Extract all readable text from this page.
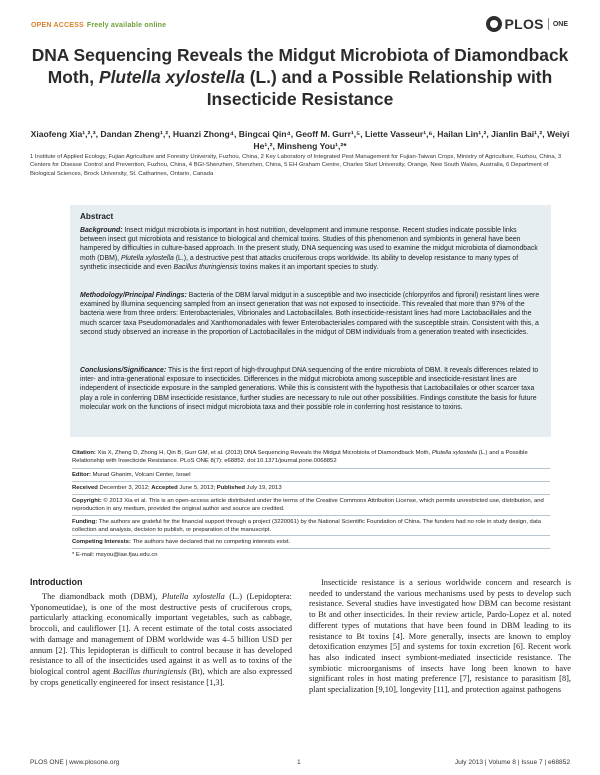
OPEN ACCESS Freely available online	PLOS ONE
DNA Sequencing Reveals the Midgut Microbiota of Diamondback Moth, Plutella xylostella (L.) and a Possible Relationship with Insecticide Resistance
Xiaofeng Xia¹,²,³, Dandan Zheng¹,², Huanzi Zhong⁴, Bingcai Qin⁴, Geoff M. Gurr¹,⁵, Liette Vasseur¹,⁶, Hailan Lin¹,², Jianlin Bai¹,², Weiyi He¹,², Minsheng You¹,²*
1 Institute of Applied Ecology, Fujian Agriculture and Forestry University, Fuzhou, China, 2 Key Laboratory of Integrated Pest Management for Fujian-Taiwan Crops, Ministry of Agriculture, Fuzhou, China, 3 Centers for Disease Control and Prevention, Fuzhou, China, 4 BGI-Shenzhen, Shenzhen, China, 5 EH Graham Centre, Charles Sturt University, Orange, New South Wales, Australia, 6 Department of Biological Sciences, Brock University, St. Catharines, Ontario, Canada
Abstract
Background: Insect midgut microbiota is important in host nutrition, development and immune response. Recent studies indicate possible links between insect gut microbiota and resistance to biological and chemical toxins. Studies of this phenomenon and symbionts in general have been hampered by difficulties in culture-based approach. In the present study, DNA sequencing was used to examine the midgut microbiota of diamondback moth (DBM), Plutella xylostella (L.), a destructive pest that attacks cruciferous crops worldwide. Its ability to develop resistance to many types of synthetic insecticide and even Bacillus thuringiensis toxins makes it an important species to study.
Methodology/Principal Findings: Bacteria of the DBM larval midgut in a susceptible and two insecticide (chlorpyrifos and fipronil) resistant lines were examined by Illumina sequencing sampled from an insect generation that was not exposed to insecticide. This revealed that more than 97% of the bacteria were from three orders: Enterobacteriales, Vibrionales and Lactobacillales. Both insecticide-resistant lines had more Lactobacillales and the much scarcer taxa Pseudomonadales and Xanthomonadales with fewer Enterobacteriales compared with the susceptible strain. Consistent with this, a second study observed an increase in the proportion of Lactobacillales in the midgut of DBM individuals from a generation treated with insecticides.
Conclusions/Significance: This is the first report of high-throughput DNA sequencing of the entire microbiota of DBM. It reveals differences related to inter- and intra-generational exposure to insecticides. Differences in the midgut microbiota among susceptible and insecticide-resistant lines are independent of insecticide exposure in the sampled generations. While this is consistent with the hypothesis that Lactobacillales or other scarcer taxa play a role in conferring DBM insecticide resistance, further studies are necessary to rule out other possibilities. Findings constitute the basis for future molecular work on the functions of insect midgut microbiota taxa and their possible role in conferring host resistance to toxins.
Citation: Xia X, Zheng D, Zhong H, Qin B, Gurr GM, et al. (2013) DNA Sequencing Reveals the Midgut Microbiota of Diamondback Moth, Plutella xylostella (L.) and a Possible Relationship with Insecticide Resistance. PLoS ONE 8(7): e68852. doi:10.1371/journal.pone.0068852
Editor: Murad Ghanim, Volcani Center, Israel
Received December 3, 2012; Accepted June 5, 2013; Published July 19, 2013
Copyright: © 2013 Xia et al. This is an open-access article distributed under the terms of the Creative Commons Attribution License, which permits unrestricted use, distribution, and reproduction in any medium, provided the original author and source are credited.
Funding: The authors are grateful for the financial support through a project (3220061) by the National Scientific Foundation of China. The funders had no role in study design, data collection and analysis, decision to publish, or preparation of the manuscript.
Competing Interests: The authors have declared that no competing interests exist.
* E-mail: msyou@iae.fjau.edu.cn
Introduction

The diamondback moth (DBM), Plutella xylostella (L.) (Lepidoptera: Yponomeutidae), is one of the most destructive pests of cruciferous crops, particularly attacking economically important vegetables, such as cabbage, broccoli, and cauliflower [1]. A recent estimate of the total costs associated with damage and management of DBM worldwide was 4–5 billion USD per annum [2]. This lepidopteran is difficult to control because it has developed resistance to all of the insecticides used against it as well as to toxins of the biological control agent Bacillus thuringiensis (Bt), which are also expressed by crops genetically engineered for insect resistance [1,3].

Insecticide resistance is a serious worldwide concern and research is needed to understand the various mechanisms used by pests to develop such resistance. Several studies have investigated how DBM can become resistant to Bt and other insecticides. In their review article, Pardo-Lopez et al. noted different types of mutations that have been found in DBM leading to its resistance to Bt toxins [4]. More generally, insects are known to employ detoxification enzymes [5] and systems for toxin excretion [6]. Recent work has also indicated insect symbiont-mediated insecticide resistance. The symbiotic microorganisms of insects have long been known to have significant roles in host mating preference [7], resistance to parasitism [8], plant specialization [9,10], longevity [11], and protection against pathogens

PLOS ONE | www.plosone.org	1	July 2013 | Volume 8 | Issue 7 | e68852
